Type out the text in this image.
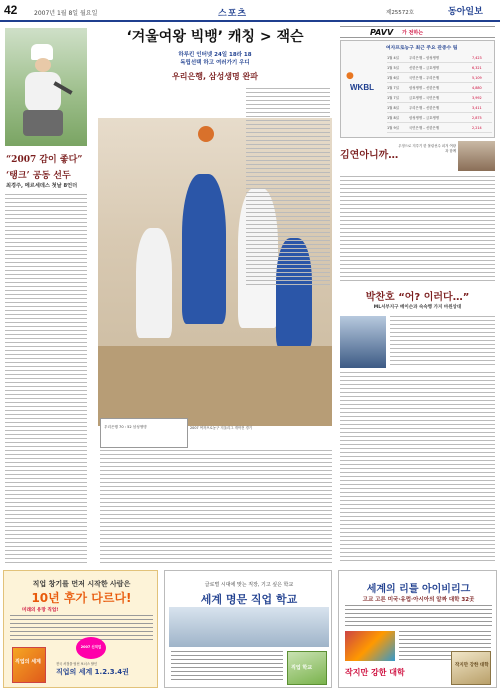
42	2007년 1월 8일 월요일	스포츠	제25572호	동아일보
“2007 감이 좋다”
‘탱크’ 공동 선두
최경주, 메르세데스 첫날 8언더
‘겨울여왕 빅뱅’ 캐칭 > 잭슨
하루킨 인터넷 24일 18라 18
독립선택 하고 여러가기 우디
우리은행, 삼성생명 완파
우리은행 70 : 52 삼성생명	2007 여자프로농구 겨울리그 개막전 경기
PAVV 가 전하는
여자프로농구 최근 주요 관중수 팀
●
WKBL
1월 4일	우리은행 – 삼성생명	7,423
1월 5일	신한은행 – 금호생명	6,321
1월 6일	국민은행 – 우리은행	5,109
1월 7일	삼성생명 – 신한은행	4,880
1월 7일	금호생명 – 국민은행	3,992
1월 8일	우리은행 – 신한은행	3,411
1월 8일	삼성생명 – 금호생명	2,875
1월 9일	국민은행 – 신한은행	2,214
김연아니까…
우정으로 겨루기 한 볼링선수 피겨 여왕과 함께
박찬호 “어? 이러다…”
ML서부지구 메이슨과 숙숙행 가지 마윈상대
직업 창기를 먼저 시작한 사람은
10년 후가 다르다!
미래의 유망 직업!
직업의 세계
2007 신직업
전국 서점을 엄선 보너스 할인
직업의 세계 1.2.3.4권
글로벌 시대에 맞는 직장, 기고 싶은 학교
세계 명문 직업 학교
직업 학교
세계의 리틀 아이비리그
고교 고른 미국·유럽·아시아의 알짜 대학 32곳
작지만 강한 대학
작지만 강한 대학
